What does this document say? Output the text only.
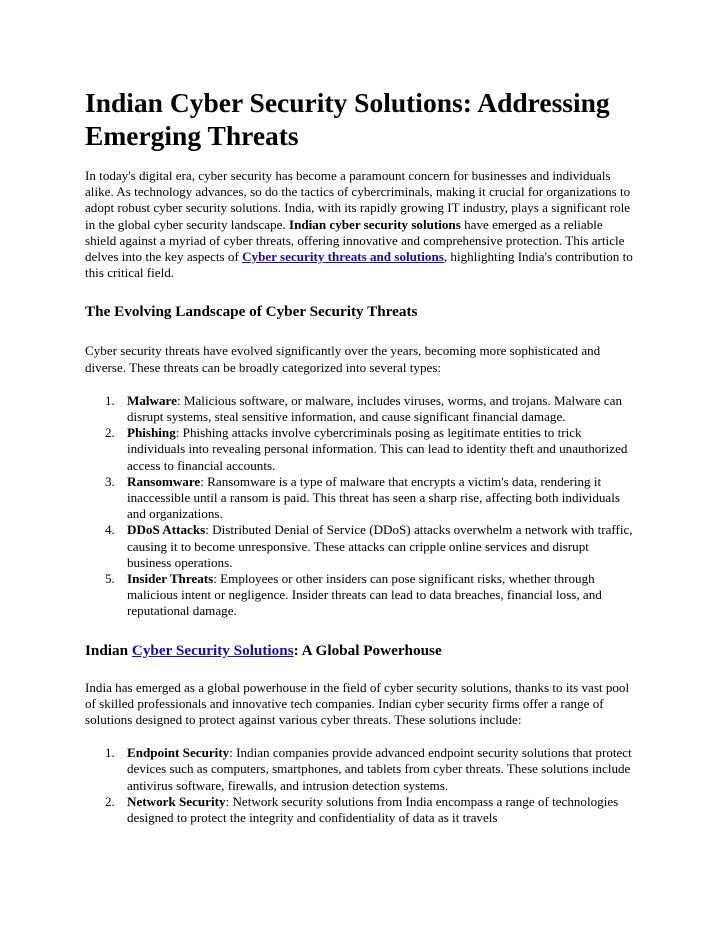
Indian Cyber Security Solutions: Addressing Emerging Threats

In today's digital era, cyber security has become a paramount concern for businesses and individuals alike. As technology advances, so do the tactics of cybercriminals, making it crucial for organizations to adopt robust cyber security solutions. India, with its rapidly growing IT industry, plays a significant role in the global cyber security landscape. Indian cyber security solutions have emerged as a reliable shield against a myriad of cyber threats, offering innovative and comprehensive protection. This article delves into the key aspects of Cyber security threats and solutions, highlighting India's contribution to this critical field.

The Evolving Landscape of Cyber Security Threats

Cyber security threats have evolved significantly over the years, becoming more sophisticated and diverse. These threats can be broadly categorized into several types:

1. Malware: Malicious software, or malware, includes viruses, worms, and trojans. Malware can disrupt systems, steal sensitive information, and cause significant financial damage.
2. Phishing: Phishing attacks involve cybercriminals posing as legitimate entities to trick individuals into revealing personal information. This can lead to identity theft and unauthorized access to financial accounts.
3. Ransomware: Ransomware is a type of malware that encrypts a victim's data, rendering it inaccessible until a ransom is paid. This threat has seen a sharp rise, affecting both individuals and organizations.
4. DDoS Attacks: Distributed Denial of Service (DDoS) attacks overwhelm a network with traffic, causing it to become unresponsive. These attacks can cripple online services and disrupt business operations.
5. Insider Threats: Employees or other insiders can pose significant risks, whether through malicious intent or negligence. Insider threats can lead to data breaches, financial loss, and reputational damage.
Indian Cyber Security Solutions: A Global Powerhouse

India has emerged as a global powerhouse in the field of cyber security solutions, thanks to its vast pool of skilled professionals and innovative tech companies. Indian cyber security firms offer a range of solutions designed to protect against various cyber threats. These solutions include:

1. Endpoint Security: Indian companies provide advanced endpoint security solutions that protect devices such as computers, smartphones, and tablets from cyber threats. These solutions include antivirus software, firewalls, and intrusion detection systems.
2. Network Security: Network security solutions from India encompass a range of technologies designed to protect the integrity and confidentiality of data as it travels
